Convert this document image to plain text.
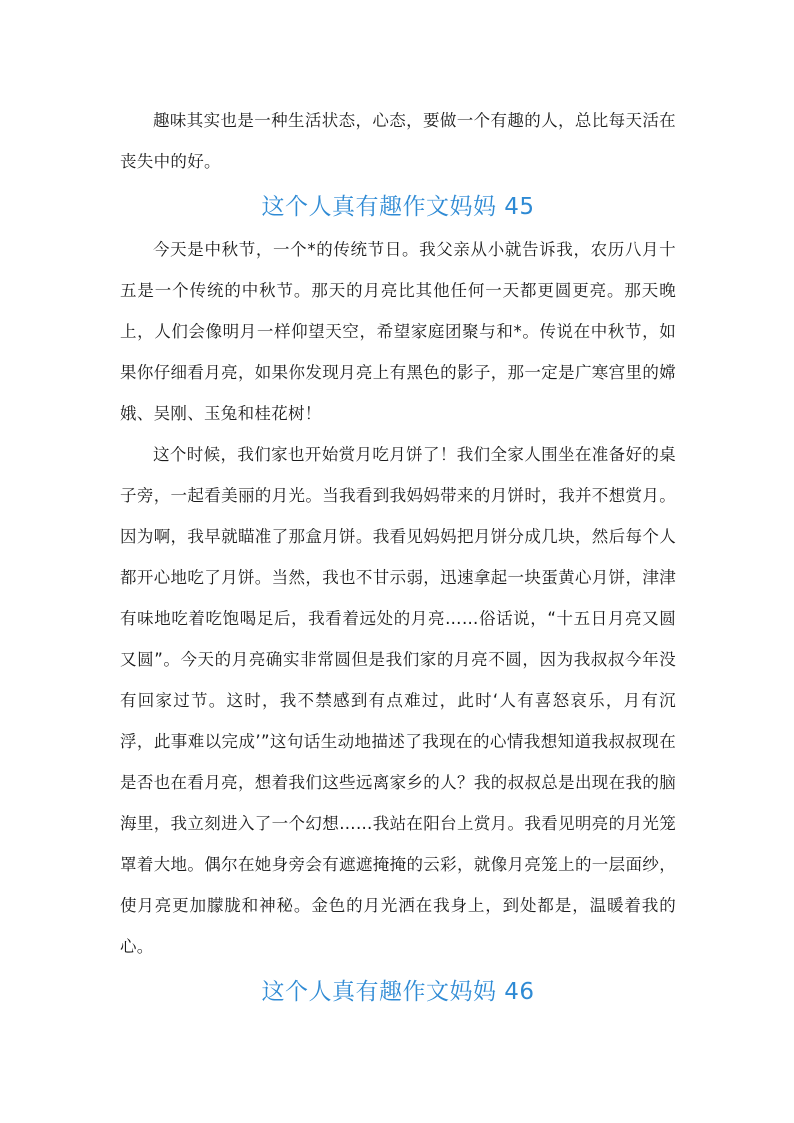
趣味其实也是一种生活状态，心态，要做一个有趣的人，总比每天活在丧失中的好。

这个人真有趣作文妈妈 45

今天是中秋节，一个*的传统节日。我父亲从小就告诉我，农历八月十五是一个传统的中秋节。那天的月亮比其他任何一天都更圆更亮。那天晚上，人们会像明月一样仰望天空，希望家庭团聚与和*。传说在中秋节，如果你仔细看月亮，如果你发现月亮上有黑色的影子，那一定是广寒宫里的嫦娥、吴刚、玉兔和桂花树！

这个时候，我们家也开始赏月吃月饼了！我们全家人围坐在准备好的桌子旁，一起看美丽的月光。当我看到我妈妈带来的月饼时，我并不想赏月。因为啊，我早就瞄准了那盒月饼。我看见妈妈把月饼分成几块，然后每个人都开心地吃了月饼。当然，我也不甘示弱，迅速拿起一块蛋黄心月饼，津津有味地吃着吃饱喝足后，我看着远处的月亮……俗话说，“十五日月亮又圆又圆”。今天的月亮确实非常圆但是我们家的月亮不圆，因为我叔叔今年没有回家过节。这时，我不禁感到有点难过，此时‘人有喜怒哀乐，月有沉浮，此事难以完成’”这句话生动地描述了我现在的心情我想知道我叔叔现在是否也在看月亮，想着我们这些远离家乡的人？我的叔叔总是出现在我的脑海里，我立刻进入了一个幻想……我站在阳台上赏月。我看见明亮的月光笼罩着大地。偶尔在她身旁会有遮遮掩掩的云彩，就像月亮笼上的一层面纱，使月亮更加朦胧和神秘。金色的月光洒在我身上，到处都是，温暖着我的心。

这个人真有趣作文妈妈 46
